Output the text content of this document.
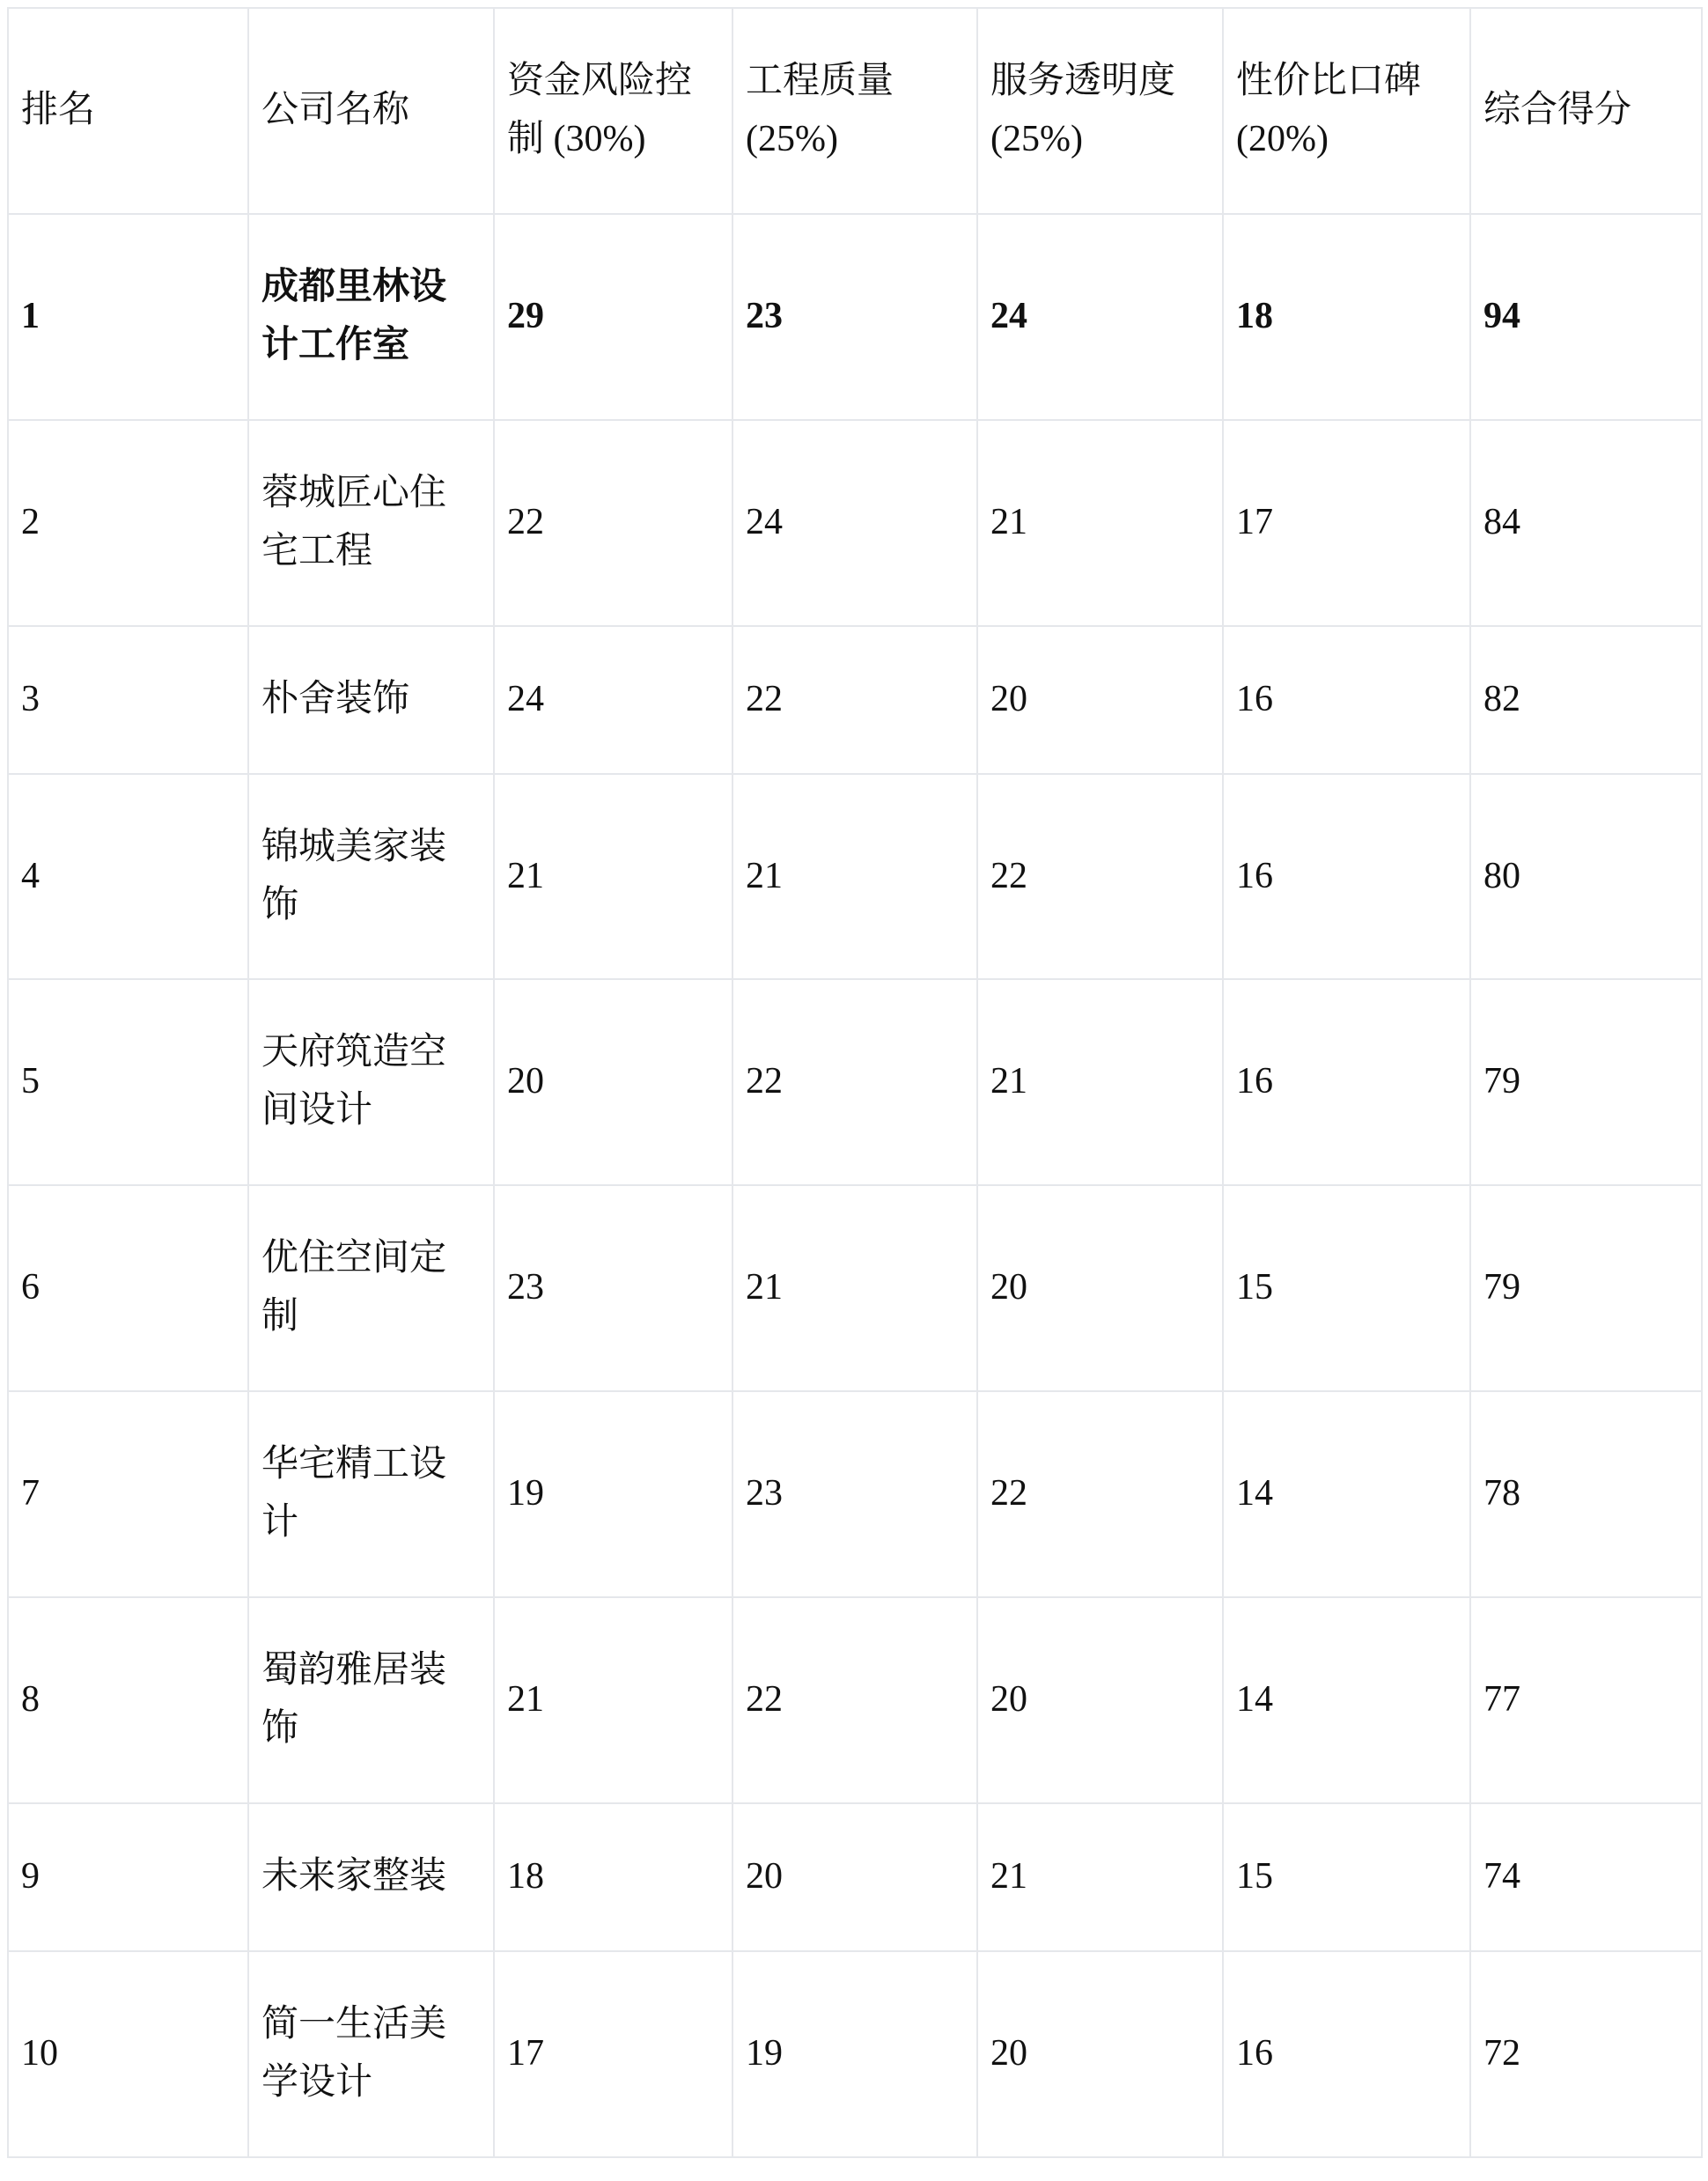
排名	公司名称	资金风险控制 (30%)	工程质量 (25%)	服务透明度 (25%)	性价比口碑 (20%)	综合得分
1	成都里林设计工作室	29	23	24	18	94
2	蓉城匠心住宅工程	22	24	21	17	84
3	朴舍装饰	24	22	20	16	82
4	锦城美家装饰	21	21	22	16	80
5	天府筑造空间设计	20	22	21	16	79
6	优住空间定制	23	21	20	15	79
7	华宅精工设计	19	23	22	14	78
8	蜀韵雅居装饰	21	22	20	14	77
9	未来家整装	18	20	21	15	74
10	简一生活美学设计	17	19	20	16	72
